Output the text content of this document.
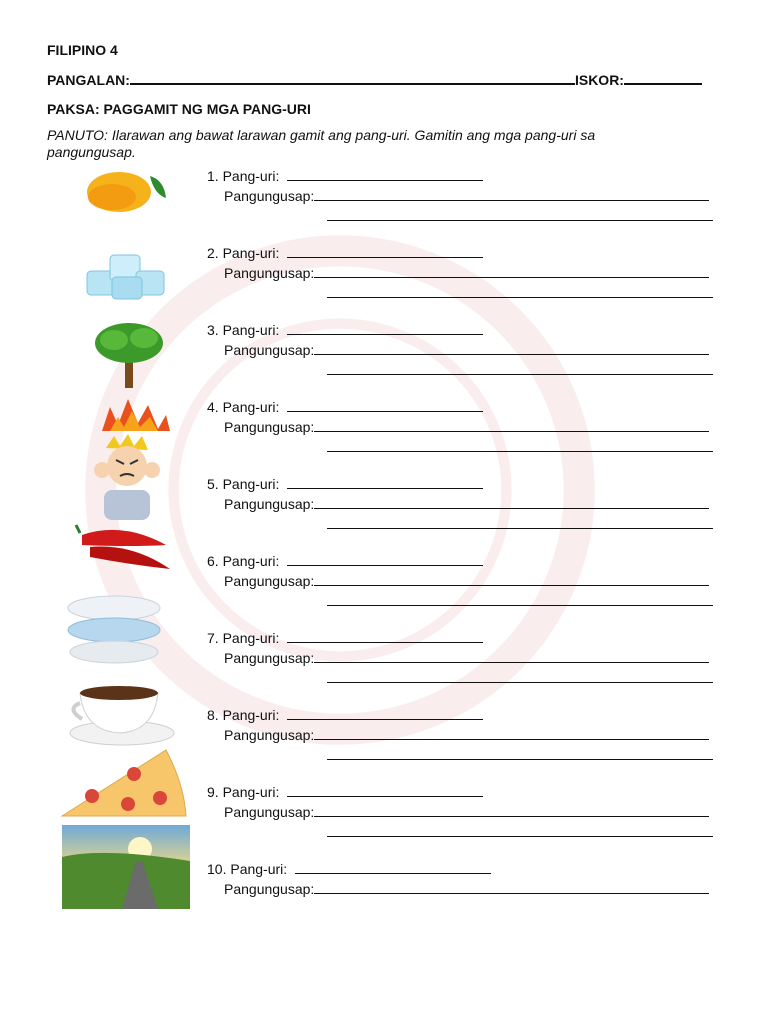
FILIPINO 4
PANGALAN:	ISKOR:
PAKSA: PAGGAMIT NG MGA PANG-URI
PANUTO: Ilarawan ang bawat larawan gamit ang pang-uri. Gamitin ang mga pang-uri sa pangungusap.
1. Pang-uri:
Pangungusap:
2. Pang-uri:
Pangungusap:
3. Pang-uri:
Pangungusap:
4. Pang-uri:
Pangungusap:
5. Pang-uri:
Pangungusap:
6. Pang-uri:
Pangungusap:
7. Pang-uri:
Pangungusap:
8. Pang-uri:
Pangungusap:
9. Pang-uri:
Pangungusap:
10. Pang-uri:
Pangungusap:
